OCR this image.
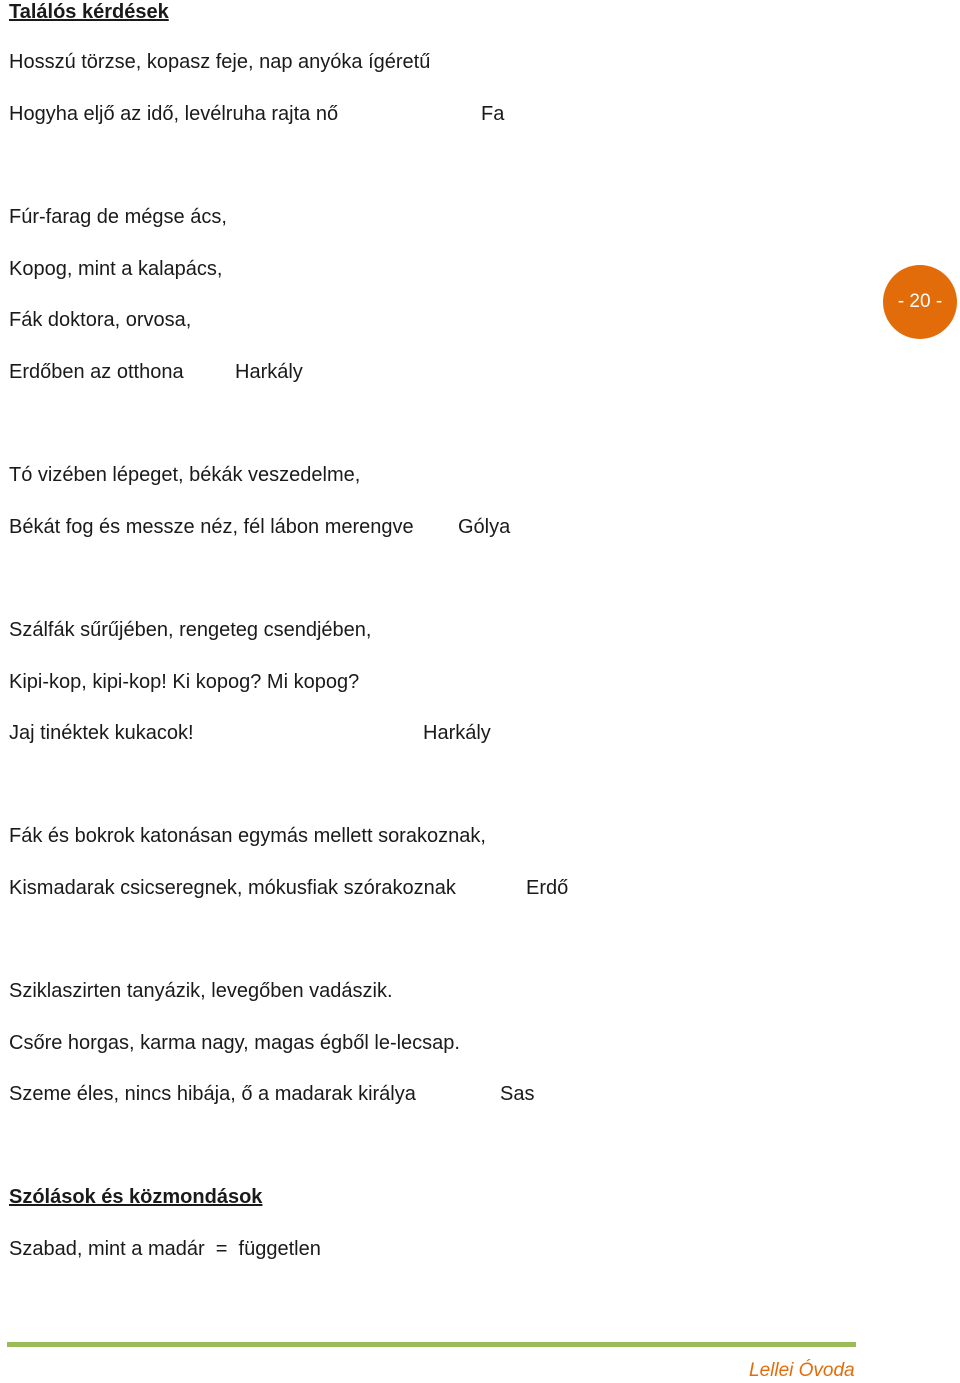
Találós kérdések
Hosszú törzse, kopasz feje, nap anyóka ígéretű
Hogyha eljő az idő, levélruha rajta nő	Fa
Fúr-farag de mégse ács,
Kopog, mint a kalapács,
Fák doktora, orvosa,
Erdőben az otthona	Harkály
Tó vizében lépeget, békák veszedelme,
Békát fog és messze néz, fél lábon merengve Gólya
Szálfák sűrűjében, rengeteg csendjében,
Kipi-kop, kipi-kop! Ki kopog? Mi kopog?
Jaj tinéktek kukacok!	Harkály
Fák és bokrok katonásan egymás mellett sorakoznak,
Kismadarak csicseregnek, mókusfiak szórakoznak	Erdő
Sziklaszirten tanyázik, levegőben vadászik.
Csőre horgas, karma nagy, magas égből le-lecsap.
Szeme éles, nincs hibája, ő a madarak királya	Sas
Szólások és közmondások
Szabad, mint a madár  =  független
- 20 -
Lellei Óvoda
